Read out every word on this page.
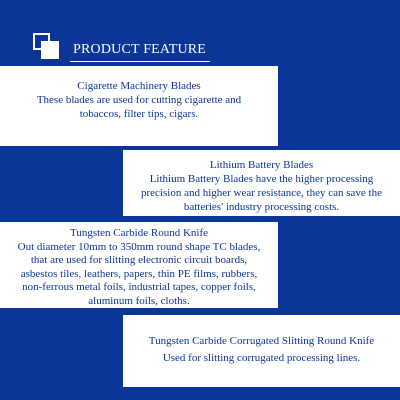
PRODUCT FEATURE

Cigarette Machinery Blades

These blades are used for cutting cigarette and
tobaccos, filter tips, cigars.

Lithium Battery Blades

Lithium Battery Blades have the higher processing
precision and higher wear resistance, they can save the
batteries' industry processing costs.

Tungsten Carbide Round Knife

Out diameter 10mm to 350mm round shape TC blades,
that are used for slitting electronic circuit boards,
asbestos tiles, leathers, papers, thin PE films, rubbers,
non-ferrous metal foils, industrial tapes, copper foils,
aluminum foils, cloths.

Tungsten Carbide Corrugated Slitting Round Knife

Used for slitting corrugated processing lines.
